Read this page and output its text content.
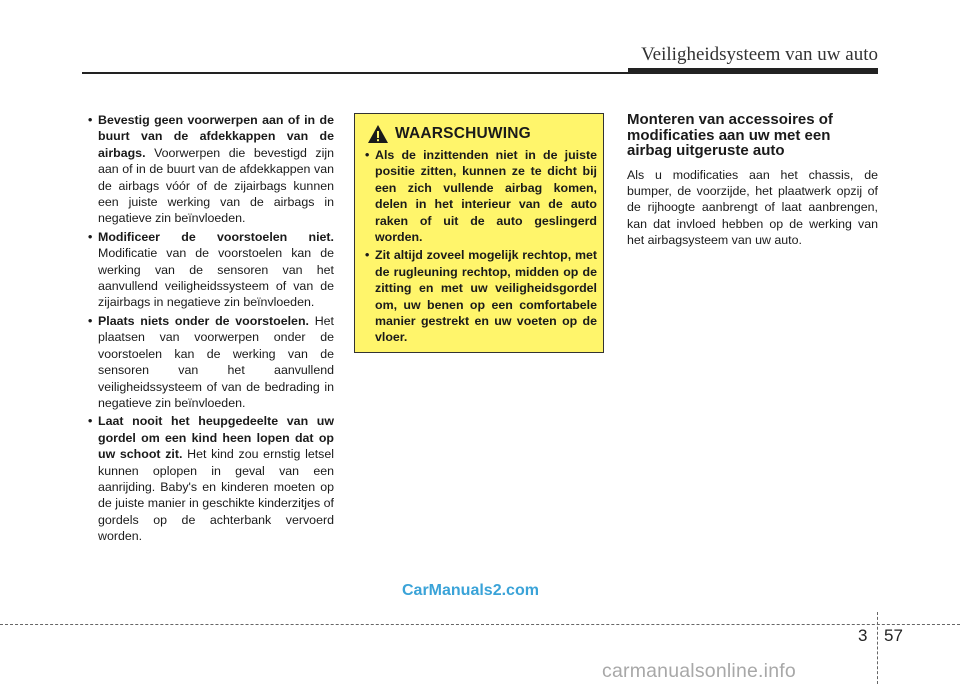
Veiligheidsysteem van uw auto
• Bevestig geen voorwerpen aan of in de buurt van de afdekkappen van de airbags. Voorwerpen die bevestigd zijn aan of in de buurt van de afdekkappen van de airbags vóór of de zijairbags kunnen een juiste werking van de airbags in negatieve zin beïnvloeden.
• Modificeer de voorstoelen niet. Modificatie van de voorstoelen kan de werking van de sensoren van het aanvullend veiligheidssysteem of van de zijairbags in negatieve zin beïnvloeden.
• Plaats niets onder de voorstoelen. Het plaatsen van voorwerpen onder de voorstoelen kan de werking van de sensoren van het aanvullend veiligheidssysteem of van de bedrading in negatieve zin beïnvloeden.
• Laat nooit het heupgedeelte van uw gordel om een kind heen lopen dat op uw schoot zit. Het kind zou ernstig letsel kunnen oplopen in geval van een aanrijding. Baby's en kinderen moeten op de juiste manier in geschikte kinderzitjes of gordels op de achterbank vervoerd worden.
WAARSCHUWING
• Als de inzittenden niet in de juiste positie zitten, kunnen ze te dicht bij een zich vullende airbag komen, delen in het interieur van de auto raken of uit de auto geslingerd worden.
• Zit altijd zoveel mogelijk rechtop, met de rugleuning rechtop, midden op de zitting en met uw veiligheidsgordel om, uw benen op een comfortabele manier gestrekt en uw voeten op de vloer.
Monteren van accessoires of modificaties aan uw met een airbag uitgeruste auto

Als u modificaties aan het chassis, de bumper, de voorzijde, het plaatwerk opzij of de rijhoogte aanbrengt of laat aanbrengen, kan dat invloed hebben op de werking van het airbagsysteem van uw auto.

CarManuals2.com
3 57
carmanualsonline.info
